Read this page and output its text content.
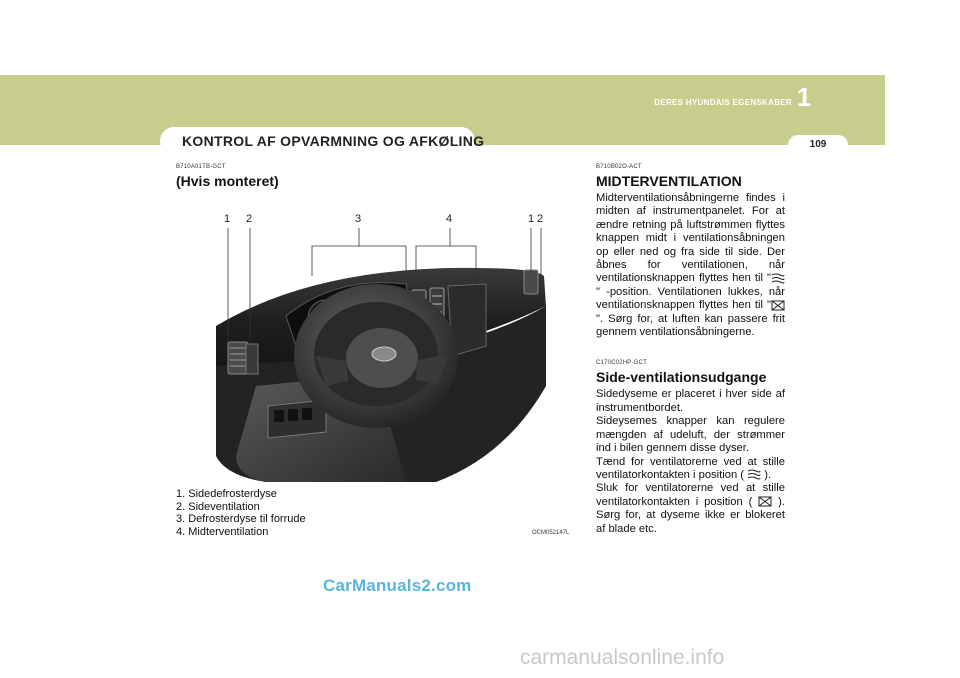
KONTROL AF OPVARMNING OG AFKØLING
DERES HYUNDAIS EGENSKABER 1
109
B710A01TB-GCT
(Hvis monteret)
1 2	3	4	1 2
1. Sidedefrosterdyse
2. Sideventilation
3. Defrosterdyse til forrude
4. Midterventilation	OCM052147L
B710B02O-ACT
MIDTERVENTILATION
Midterventilationsåbningerne findes i midten af instrumentpanelet. For at ændre retning på luftstrømmen flyttes knappen midt i ventilationsåbningen op eller ned og fra side til side. Der åbnes for ventilationen, når ventilationsknappen flyttes hen til "" -position. Ventilationen lukkes, når ventilationsknappen flyttes hen til "". Sørg for, at luften kan passere frit gennem ventilationsåbningerne.
C170C02HP-GCT
Side-ventilationsudgange
Sidedyseme er placeret i hver side af instrumentbordet.
Sideysemes knapper kan regulere mængden af udeluft, der strømmer ind i bilen gennem disse dyser.
Tænd for ventilatorerne ved at stille ventilatorkontakten i position (  ).
Sluk for ventilatorerne ved at stille ventilatorkontakten i position (  ). Sørg for, at dyseme ikke er blokeret af blade etc.
CarManuals2.com
carmanualsonline.info
